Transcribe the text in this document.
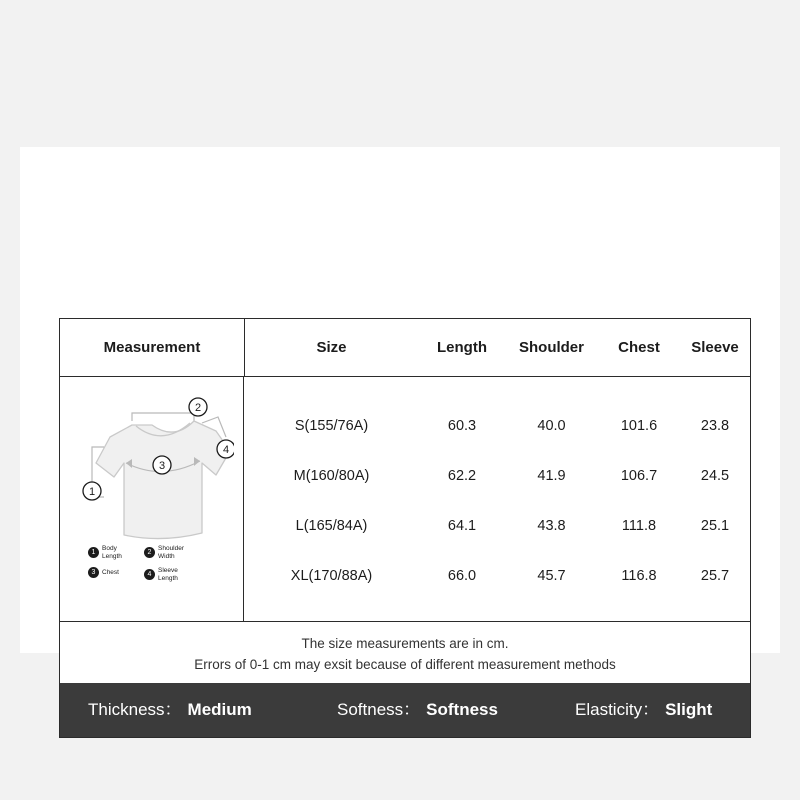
Measurement	Size	Length	Shoulder	Chest	Sleeve
2
4
3
1
1Body
Length	2Shoulder
Width
3 Chest	4Sleeve
Length
S(155/76A)	60.3	40.0	101.6	23.8
M(160/80A)	62.2	41.9	106.7	24.5
L(165/84A)	64.1	43.8	111.8	25.1
XL(170/88A)	66.0	45.7	116.8	25.7
The size measurements are in cm.
Errors of 0-1 cm may exsit because of different measurement methods
Thickness： Medium	Softness： Softness	Elasticity： Slight
